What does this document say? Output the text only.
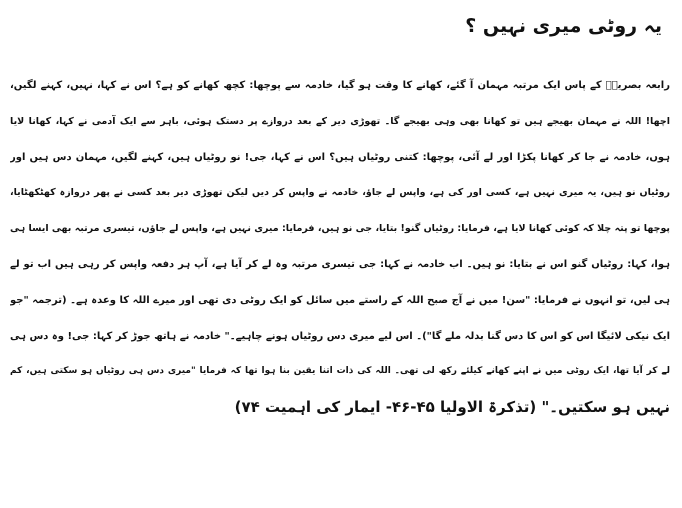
یہ روٹی میری نہیں ؟
رابعہ بصریہؒ کے پاس ایک مرتبہ مہمان آ گئے، کھانے کا وقت ہو گیا، خادمہ سے پوچھا: کچھ کھانے کو ہے؟ اس نے کہا، نہیں، کہنے لگیں،
اچھا! اللہ نے مہمان بھیجے ہیں تو کھانا بھی وہی بھیجے گا۔ تھوڑی دیر کے بعد دروازے پر دستک ہوئی، باہر سے ایک آدمی نے کہا، کھانا لایا
ہوں، خادمہ نے جا کر کھانا پکڑا اور لے آئی، پوچھا: کتنی روٹیاں ہیں؟ اس نے کہا، جی! نو روٹیاں ہیں، کہنے لگیں، مہمان دس ہیں اور
روٹیاں نو ہیں، یہ میری نہیں ہے، کسی اور کی ہے، واپس لے جاؤ، خادمہ نے واپس کر دیں لیکن تھوڑی دیر بعد کسی نے پھر دروازہ کھٹکھٹایا،
پوچھا تو پتہ چلا کہ کوئی کھانا لایا ہے، فرمایا: روٹیاں گنو! بتایا، جی نو ہیں، فرمایا: میری نہیں ہے، واپس لے جاؤں، تیسری مرتبہ بھی ایسا ہی
ہوا، کہا: روٹیاں گنو اس نے بتایا: نو ہیں۔ اب خادمہ نے کہا: جی تیسری مرتبہ وہ لے کر آیا ہے، آپ ہر دفعہ واپس کر رہی ہیں اب تو لے
ہی لیں، تو انہوں نے فرمایا: "سن! میں نے آج صبح اللہ کے راستے میں سائل کو ایک روٹی دی تھی اور میرے اللہ کا وعدہ ہے۔ (ترجمہ "جو
ایک نیکی لائیگا اس کو اس کا دس گنا بدلہ ملے گا")۔ اس لیے میری دس روٹیاں ہونے چاہیے۔" خادمہ نے ہاتھ جوڑ کر کہا: جی! وہ دس ہی
لے کر آیا تھا، ایک روٹی میں نے اپنے کھانے کیلئے رکھ لی تھی۔ اللہ کی ذات اتنا یقین بنا ہوا تھا کہ فرمایا "میری دس ہی روٹیاں ہو سکتی ہیں، کم
نہیں ہو سکتیں۔" (تذکرۃ الاولیا ۴۵-۴۶- ایمار کی اہمیت ۷۴)
